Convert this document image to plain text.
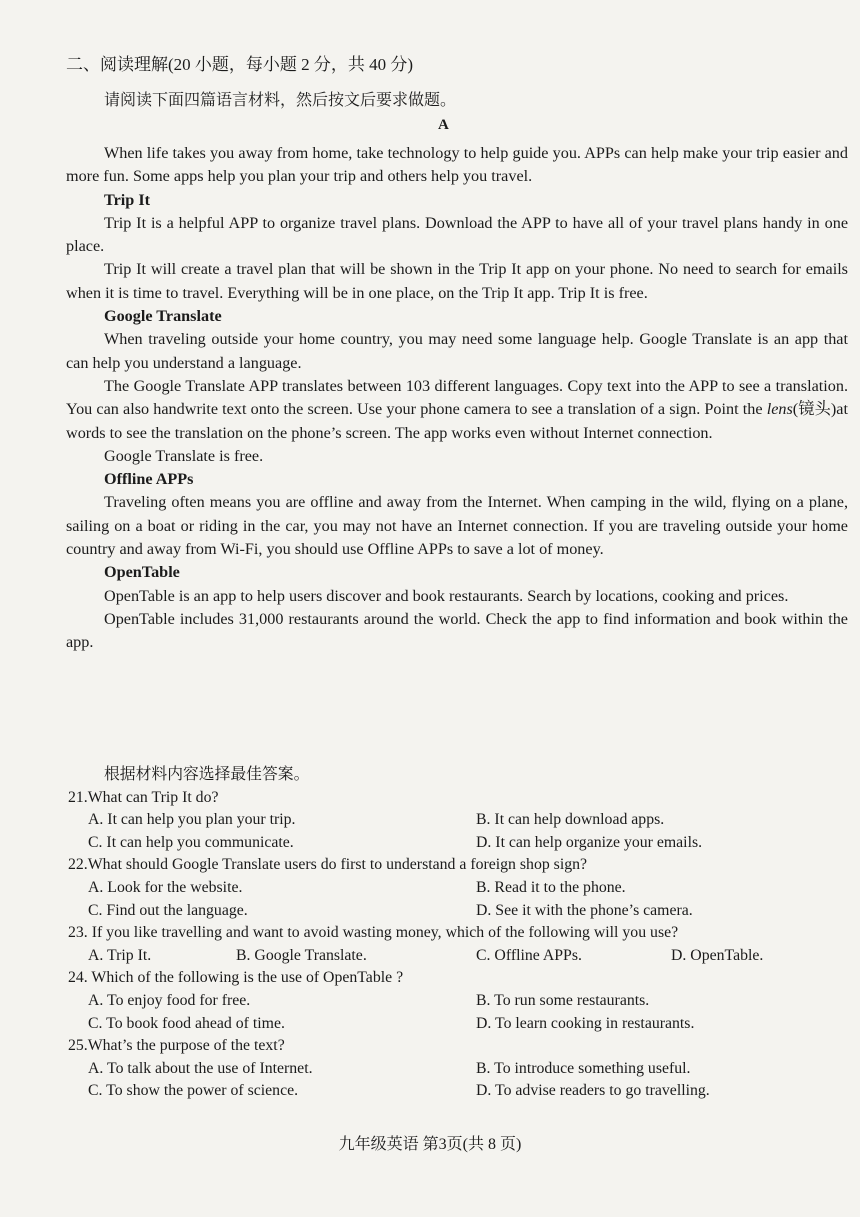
二、阅读理解(20 小题，每小题 2 分，共 40 分)
请阅读下面四篇语言材料，然后按文后要求做题。
A
When life takes you away from home, take technology to help guide you. APPs can help make your trip easier and more fun. Some apps help you plan your trip and others help you travel.
Trip It
Trip It is a helpful APP to organize travel plans. Download the APP to have all of your travel plans handy in one place.
Trip It will create a travel plan that will be shown in the Trip It app on your phone. No need to search for emails when it is time to travel. Everything will be in one place, on the Trip It app. Trip It is free.
Google Translate
When traveling outside your home country, you may need some language help. Google Translate is an app that can help you understand a language.
The Google Translate APP translates between 103 different languages. Copy text into the APP to see a translation. You can also handwrite text onto the screen. Use your phone camera to see a translation of a sign. Point the lens(镜头)at words to see the translation on the phone’s screen. The app works even without Internet connection.
Google Translate is free.
Offline APPs
Traveling often means you are offline and away from the Internet. When camping in the wild, flying on a plane, sailing on a boat or riding in the car, you may not have an Internet connection. If you are traveling outside your home country and away from Wi-Fi, you should use Offline APPs to save a lot of money.
OpenTable
OpenTable is an app to help users discover and book restaurants. Search by locations, cooking and prices.
OpenTable includes 31,000 restaurants around the world. Check the app to find information and book within the app.
根据材料内容选择最佳答案。
21.What can Trip It do?
A. It can help you plan your trip.	B. It can help download apps.
C. It can help you communicate.	D. It can help organize your emails.
22.What should Google Translate users do first to understand a foreign shop sign?
A. Look for the website.	B. Read it to the phone.
C. Find out the language.	D. See it with the phone’s camera.
23. If you like travelling and want to avoid wasting money, which of the following will you use?
A. Trip It.	B. Google Translate.	C. Offline APPs.	D. OpenTable.
24. Which of the following is the use of OpenTable ?
A. To enjoy food for free.	B. To run some restaurants.
C. To book food ahead of time.	D. To learn cooking in restaurants.
25.What’s the purpose of the text?
A. To talk about the use of Internet.	B. To introduce something useful.
C. To show the power of science.	D. To advise readers to go travelling.
九年级英语 第3页(共 8 页)
